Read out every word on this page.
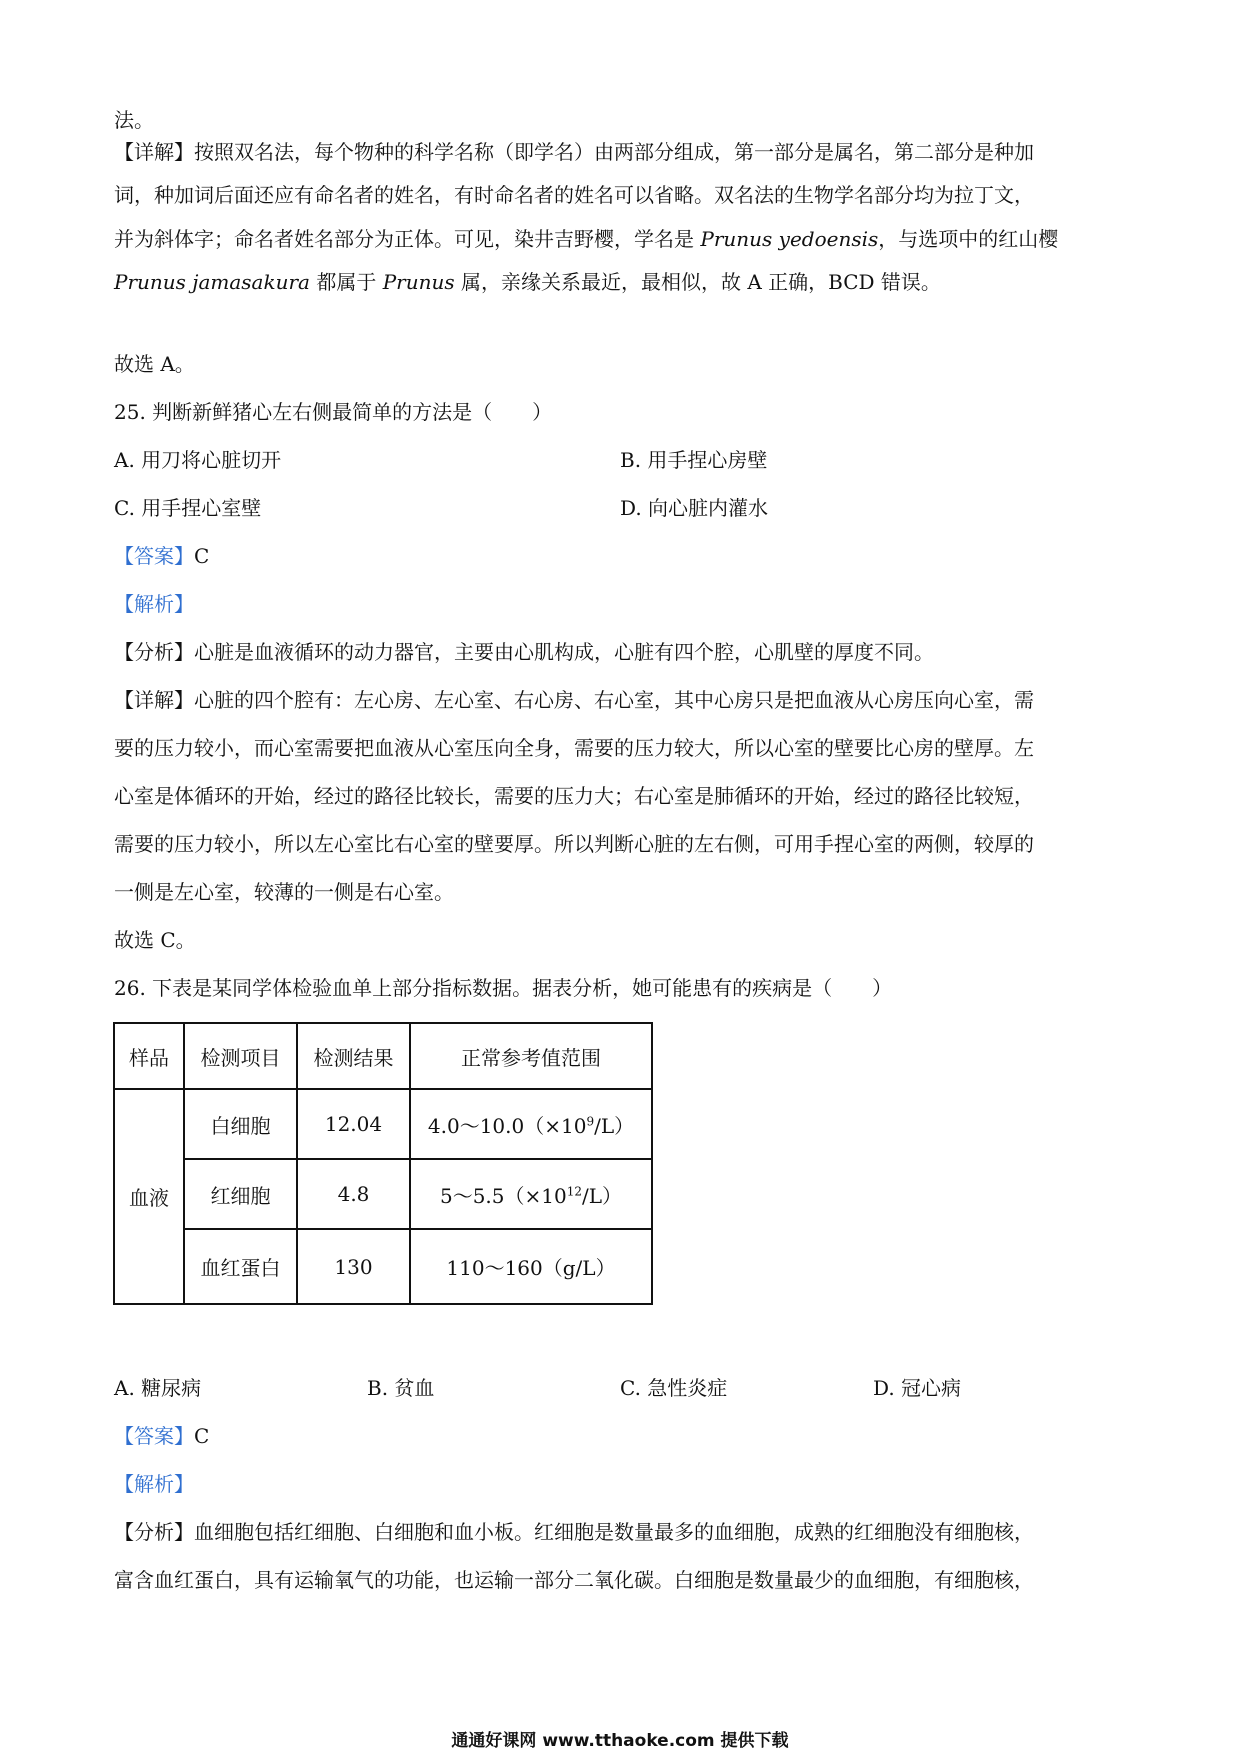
法。
【详解】按照双名法，每个物种的科学名称（即学名）由两部分组成，第一部分是属名，第二部分是种加
词，种加词后面还应有命名者的姓名，有时命名者的姓名可以省略。双名法的生物学名部分均为拉丁文，
并为斜体字；命名者姓名部分为正体。可见，染井吉野樱，学名是 Prunus yedoensis，与选项中的红山樱
Prunus jamasakura 都属于 Prunus 属，亲缘关系最近，最相似，故 A 正确，BCD 错误。
故选 A。
25. 判断新鲜猪心左右侧最简单的方法是（　　）
A. 用刀将心脏切开	B. 用手捏心房壁
C. 用手捏心室壁	D. 向心脏内灌水
【答案】C
【解析】
【分析】心脏是血液循环的动力器官，主要由心肌构成，心脏有四个腔，心肌壁的厚度不同。
【详解】心脏的四个腔有：左心房、左心室、右心房、右心室，其中心房只是把血液从心房压向心室，需
要的压力较小，而心室需要把血液从心室压向全身，需要的压力较大，所以心室的壁要比心房的壁厚。左
心室是体循环的开始，经过的路径比较长，需要的压力大；右心室是肺循环的开始，经过的路径比较短，
需要的压力较小，所以左心室比右心室的壁要厚。所以判断心脏的左右侧，可用手捏心室的两侧，较厚的
一侧是左心室，较薄的一侧是右心室。
故选 C。
26. 下表是某同学体检验血单上部分指标数据。据表分析，她可能患有的疾病是（　　）
样品	检测项目	检测结果	正常参考值范围
血液	白细胞	12.04	$4.0\sim 10.0(\times 10^9/L)$
	红细胞	4.8	$5\sim 5.5(\times 10^{12}/L)$
	血红蛋白	130	110～160（g/L）
A. 糖尿病	B. 贫血	C. 急性炎症	D. 冠心病
【答案】C
【解析】
【分析】血细胞包括红细胞、白细胞和血小板。红细胞是数量最多的血细胞，成熟的红细胞没有细胞核，
富含血红蛋白，具有运输氧气的功能，也运输一部分二氧化碳。白细胞是数量最少的血细胞，有细胞核，
通通好课网 www.tthaoke.com 提供下载
